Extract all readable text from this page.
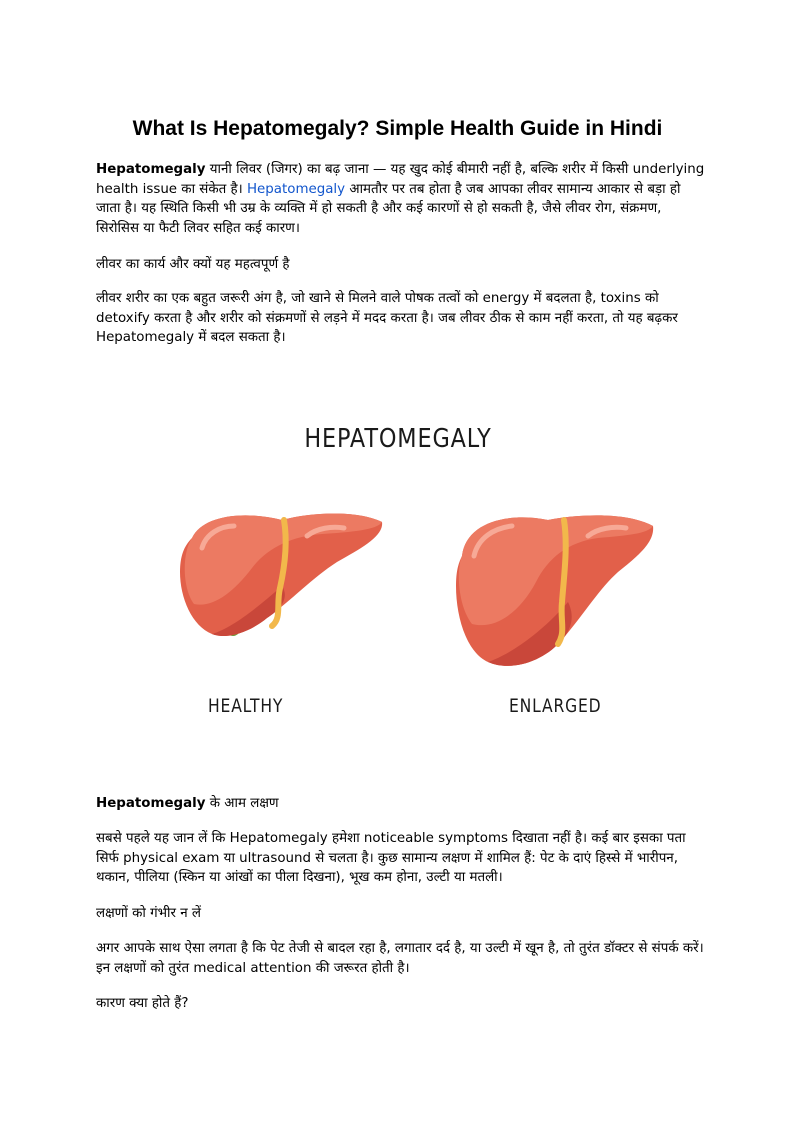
What Is Hepatomegaly? Simple Health Guide in Hindi

Hepatomegaly यानी लिवर (जिगर) का बढ़ जाना — यह खुद कोई बीमारी नहीं है, बल्कि शरीर में किसी underlying health issue का संकेत है। Hepatomegaly आमतौर पर तब होता है जब आपका लीवर सामान्य आकार से बड़ा हो जाता है। यह स्थिति किसी भी उम्र के व्यक्ति में हो सकती है और कई कारणों से हो सकती है, जैसे लीवर रोग, संक्रमण, सिरोसिस या फैटी लिवर सहित कई कारण।

लीवर का कार्य और क्यों यह महत्वपूर्ण है

लीवर शरीर का एक बहुत जरूरी अंग है, जो खाने से मिलने वाले पोषक तत्वों को energy में बदलता है, toxins को detoxify करता है और शरीर को संक्रमणों से लड़ने में मदद करता है। जब लीवर ठीक से काम नहीं करता, तो यह बढ़कर Hepatomegaly में बदल सकता है।

HEPATOMEGALY
HEALTHY	ENLARGED

Hepatomegaly के आम लक्षण

सबसे पहले यह जान लें कि Hepatomegaly हमेशा noticeable symptoms दिखाता नहीं है। कई बार इसका पता सिर्फ physical exam या ultrasound से चलता है। कुछ सामान्य लक्षण में शामिल हैं: पेट के दाएं हिस्से में भारीपन, थकान, पीलिया (स्किन या आंखों का पीला दिखना), भूख कम होना, उल्टी या मतली।

लक्षणों को गंभीर न लें

अगर आपके साथ ऐसा लगता है कि पेट तेजी से बादल रहा है, लगातार दर्द है, या उल्टी में खून है, तो तुरंत डॉक्टर से संपर्क करें। इन लक्षणों को तुरंत medical attention की जरूरत होती है।

कारण क्या होते हैं?
